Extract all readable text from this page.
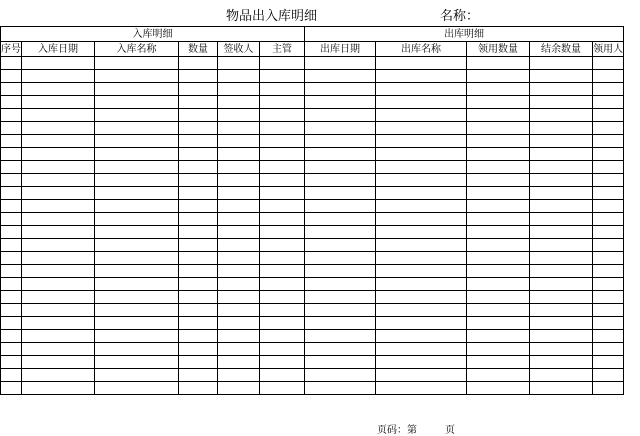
物品出入库明细	名称：
入库明细						出库明细				
序号	入库日期	入库名称	数量	签收人	主管	出库日期	出库名称	领用数量	结余数量	领用人

页码：第	页
